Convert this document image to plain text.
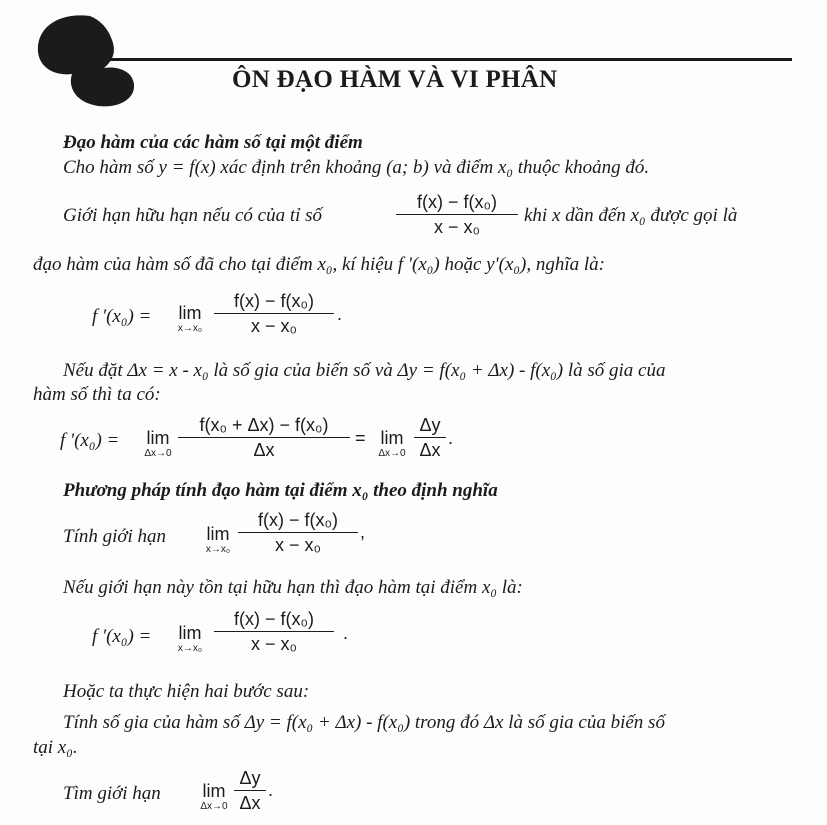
1
ÔN ĐẠO HÀM VÀ VI PHÂN
Đạo hàm của các hàm số tại một điểm
Cho hàm số y = f(x) xác định trên khoảng (a; b) và điểm x₀ thuộc khoảng đó.
Giới hạn hữu hạn nếu có của tỉ số	$\frac{\text{f(x) − f(x₀)}}{\text{x − x₀}}$ khi x dần đến x₀ được gọi là
đạo hàm của hàm số đã cho tại điểm x₀, kí hiệu f '(x₀) hoặc y'(x₀), nghĩa là:
f '(x₀) =	lim
$x\to x_0 \frac{\text{f(x) − f(x₀)}}{\text{x − x₀}}$ .
Nếu đặt Δx = x - x₀ là số gia của biến số và Δy = f(x₀ + Δx) - f(x₀) là số gia của
hàm số thì ta có:
f '(x₀) =	lim
$\Delta x\to 0 \frac{\text{f(x₀ + Δx) − f(x₀)}}{\Delta x} = \lim$
$\Delta x\to 0 \frac{\Delta y}{\Delta x}$ .
Phương pháp tính đạo hàm tại điểm x₀ theo định nghĩa
Tính giới hạn	lim
$x\to x_0 \frac{\text{f(x) − f(x₀)}}{\text{x − x₀}}$ ,
Nếu giới hạn này tồn tại hữu hạn thì đạo hàm tại điểm x₀ là:
f '(x₀) =	lim
$x\to x_0 \frac{\text{f(x) − f(x₀)}}{\text{x − x₀}}$ .
Hoặc ta thực hiện hai bước sau:
Tính số gia của hàm số Δy = f(x₀ + Δx) - f(x₀) trong đó Δx là số gia của biến số
tại x₀.
Tìm giới hạn	lim
$\Delta x\to 0 \frac{\Delta y}{\Delta x}$ .
